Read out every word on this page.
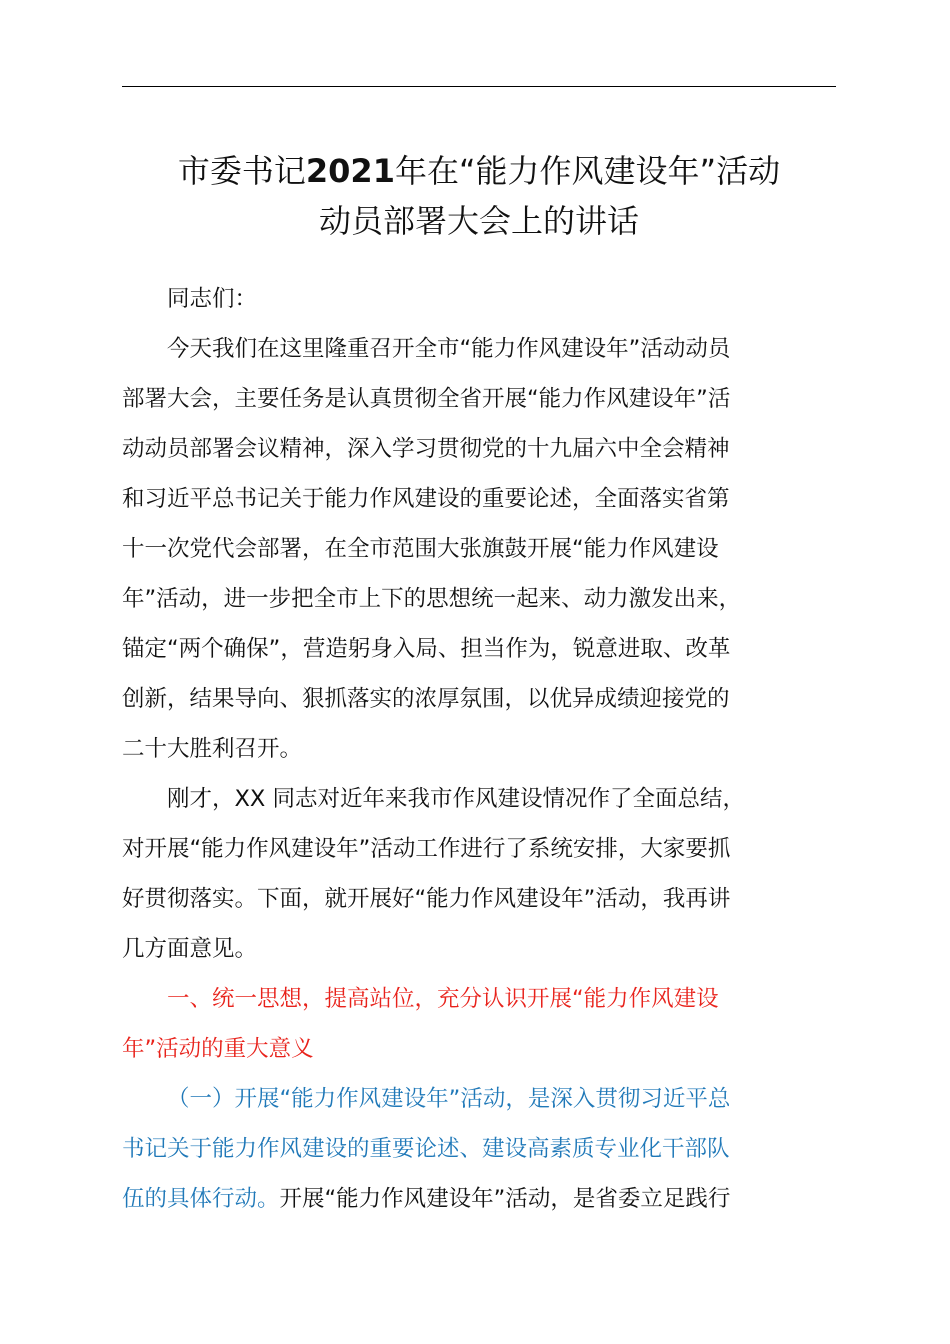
市委书记2021年在“能力作风建设年”活动
动员部署大会上的讲话
同志们：
今天我们在这里隆重召开全市“能力作风建设年”活动动员
部署大会，主要任务是认真贯彻全省开展“能力作风建设年”活
动动员部署会议精神，深入学习贯彻党的十九届六中全会精神
和习近平总书记关于能力作风建设的重要论述，全面落实省第
十一次党代会部署，在全市范围大张旗鼓开展“能力作风建设
年”活动，进一步把全市上下的思想统一起来、动力激发出来，
锚定“两个确保”，营造躬身入局、担当作为，锐意进取、改革
创新，结果导向、狠抓落实的浓厚氛围，以优异成绩迎接党的
二十大胜利召开。
刚才，XX 同志对近年来我市作风建设情况作了全面总结，
对开展“能力作风建设年”活动工作进行了系统安排，大家要抓
好贯彻落实。下面，就开展好“能力作风建设年”活动，我再讲
几方面意见。
一、统一思想，提高站位，充分认识开展“能力作风建设
年”活动的重大意义
（一）开展“能力作风建设年”活动，是深入贯彻习近平总
书记关于能力作风建设的重要论述、建设高素质专业化干部队
伍的具体行动。开展“能力作风建设年”活动，是省委立足践行
